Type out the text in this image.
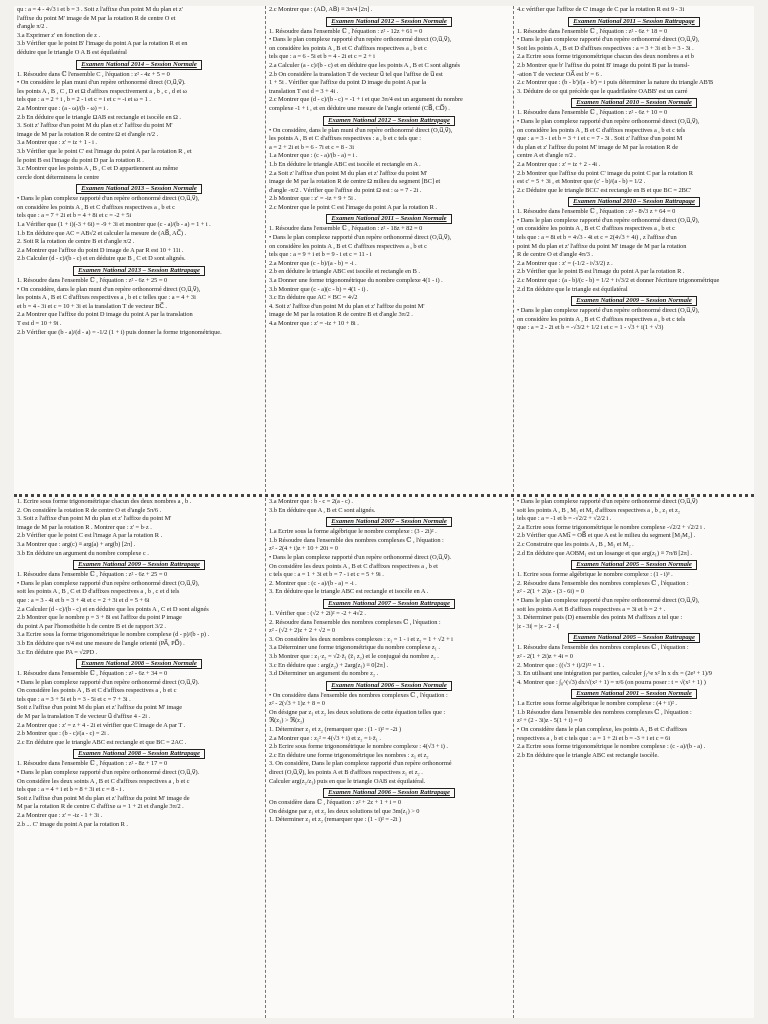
qu : a = 4 - 4√3 i et b = 3 . Soit z l'affixe d'un point M du plan et z'
l'affixe du point M' image de M par la rotation R de centre O et
d'angle π/2 .
3.a Exprimer z' en fonction de z .
3.b Vérifier que le point B' l'image du point A par la rotation R et en
déduire que le triangle O A B est équilatéral
Examen National 2014 – Session Normale
1. Résoudre dans ℂ l'ensemble C , l'équation : z² - 4z + 5 = 0
• On considère le plan muni d'un repère orthonormé direct (O,u⃗,v⃗).
les points A , B , C , D et Ω d'affixes respectivement a , b , c , d et ω
tels que : a = 2 + i , b = 2 - i et c = i et c = -i et ω = 1 .
2.a Montrer que : (a - ω)/(b - ω) = i .
2.b En déduire que le triangle ΩAB est rectangle et isocèle en Ω .
3. Soit z' l'affixe d'un point M du plan et z' l'affixe du point M'
image de M par la rotation R de centre Ω et d'angle π/2 .
3.a Montrer que : z' = iz + 1 - i .
3.b Vérifier que le point C' est l'image du point A par la rotation R , et
le point B est l'image du point D par la rotation R .
3.c Montrer que les points A , B , C et D appartiennent au même
cercle dont déterminera le centre
Examen National 2013 – Session Normale
• Dans le plan complexe rapporté d'un repère orthonormé direct (O,u⃗,v⃗),
on considère les points A , B et C d'affixes respectives a , b et c
tels que : a = 7 + 2i et b = 4 + 8i et c = -2 + 5i
1.a Vérifier que (1 + i)(-3 + 6i) = -9 + 3i et montrer que (c - a)/(b - a) = 1 + i .
1.b En déduire que AC = AB√2 et calculer la mesure de (AB⃗, AC⃗) .
2. Soit R la rotation de centre B et d'angle π/2 .
2.a Montrer que l'affixe du point D image de A par R est 10 + 11i .
2.b Calculer (d - c)/(b - c) et en déduire que B , C et D sont alignés.
Examen National 2013 – Session Rattrapage
1. Résoudre dans l'ensemble ℂ , l'équation : z² - 6z + 25 = 0
• On considère, dans le plan muni d'un repère orthonormé direct (O,u⃗,v⃗),
les points A , B et C d'affixes respectives a , b et c telles que : a = 4 + 3i
et b = 4 - 3i et c = 10 + 3i et la translation T de vecteur BC⃗ .
2.a Montrer que l'affixe du point D image du point A par la translation
T est d = 10 + 9i .
2.b Vérifier que (b - a)/(d - a) = -1/2 (1 + i) puis donner la forme trigonométrique.
2.c Montrer que : (AD⃗, AB⃗) ≡ 3π/4 [2π] .
Examen National 2012 – Session Normale
1. Résoudre dans l'ensemble ℂ , l'équation : z² - 12z + 61 = 0
• Dans le plan complexe rapporté d'un repère orthonormé direct (O,u⃗,v⃗),
on considère les points A , B et C d'affixes respectives a , b et c
tels que : a = 6 - 5i et b = 4 - 2i et c = 2 + i
2.a Calculer (a - c)/(b - c) et en déduire que les points A , B et C sont alignés
2.b On considère la translation T de vecteur u⃗ tel que l'affixe de u⃗ est
1 + 5i . Vérifier que l'affixe du point D image du point A par la
translation T est d = 3 + 4i .
2.c Montrer que (d - c)/(b - c) = -1 + i et que 3π/4 est un argument du nombre
complexe -1 + i , et en déduire une mesure de l'angle orienté (CB⃗, CD⃗) .
Examen National 2012 – Session Rattrapage
• On considère, dans le plan muni d'un repère orthonormé direct (O,u⃗,v⃗),
les points A , B et C d'affixes respectives : a , b et c tels que :
a = 2 + 2i et b = 6 - 7i et c = 8 - 3i
1.a Montrer que : (c - a)/(b - a) = i .
1.b En déduire le triangle ABC est isocèle et rectangle en A .
2.a Soit z' l'affixe d'un point M du plan et z' l'affixe du point M'
image de M par la rotation R de centre Ω milieu du segment [BC] et
d'angle -π/2 . Vérifier que l'affixe du point Ω est : ω = 7 - 2i .
2.b Montrer que : z' = -iz + 9 + 5i .
2.c Montrer que le point C est l'image du point A par la rotation R .
Examen National 2011 – Session Normale
1. Résoudre dans l'ensemble ℂ , l'équation : z² - 18z + 82 = 0
• Dans le plan complexe rapporté d'un repère orthonormé direct (O,u⃗,v⃗),
on considère les points A , B et C d'affixes respectives a , b et c
tels que : a = 9 + i et b = 9 - i et c = 11 - i
2.a Montrer que (c - b)/(a - b) = -i .
2.b en déduire le triangle ABC est isocèle et rectangle en B .
3.a Donner une forme trigonométrique du nombre complexe 4(1 - i) .
3.b Montrer que (c - a)(c - b) = 4(1 - i) .
3.c En déduire que AC × BC = 4√2
4. Soit z' l'affixe d'un point M du plan et z' l'affixe du point M'
image de M par la rotation R de centre B et d'angle 3π/2 .
4.a Montrer que : z' = -iz + 10 + 8i .
4.c vérifier que l'affixe de C' image de C par la rotation R est 9 - 3i
Examen National 2011 – Session Rattrapage
1. Résoudre dans l'ensemble ℂ , l'équation : z² - 6z + 18 = 0
• Dans le plan complexe rapporté d'un repère orthonormé direct (O,u⃗,v⃗),
Soit les points A , B et D d'affixes respectives : a = 3 + 3i et b = 3 - 3i .
2.a Ecrire sous forme trigonométrique chacun des deux nombres a et b
2.b Montrer que b' l'affixe du point B' image du point B par la transl-
-ation T de vecteur OA⃗ est b' = 6 .
2.c Montrer que : (b - b')/(a - b') = i puis déterminer la nature du triangle AB'B
3. Déduire de ce qui précède que le quadrilatère OABB' est un carré
Examen National 2010 – Session Normale
1. Résoudre dans l'ensemble ℂ , l'équation : z² - 6z + 10 = 0
• Dans le plan complexe rapporté d'un repère orthonormé direct (O,u⃗,v⃗),
on considère les points A , B et C d'affixes respectives a , b et c tels
que : a = 3 - i et b = 3 + i et c = 7 - 3i . Soit z' l'affixe d'un point M
du plan et z' l'affixe du point M' image de M par la rotation R de
centre A et d'angle π/2 .
2.a Montrer que : z' = iz + 2 - 4i .
2.b Montrer que l'affixe du point C' image du point C par la rotation R
est c' = 5 + 3i , et Montrer que (c' - b)/(a - b) = 1/2 .
2.c Déduire que le triangle BCC' est rectangle en B et que BC = 2BC'
Examen National 2010 – Session Rattrapage
1. Résoudre dans l'ensemble ℂ , l'équation : z² - 8√3 z + 64 = 0
• Dans le plan complexe rapporté d'un repère orthonormé direct (O,u⃗,v⃗),
on considère les points A , B et C d'affixes respectives a , b et c
tels que : a = 8i et b = 4√3 - 4i et c = 2(4√3 + 4i) , z l'affixe d'un
point M du plan et z' l'affixe du point M' image de M par la rotation
R de centre O et d'angle 4π/3 .
2.a Montrer que : z' = (-1/2 - i√3/2) z .
2.b Vérifier que le point B est l'image du point A par la rotation R .
2.c Montrer que : (a - b)/(c - b) = 1/2 + i√3/2 et donner l'écriture trigonométrique
2.d En déduire que le triangle est équilatéral
Examen National 2009 – Session Normale
• Dans le plan complexe rapporté d'un repère orthonormé direct (O,u⃗,v⃗),
on considère les points A , B et C d'affixes respectives a , b et c tels
que : a = 2 - 2i et b = -√3/2 + 1/2 i et c = 1 - √3 + i(1 + √3)
1. Ecrire sous forme trigonométrique chacun des deux nombres a , b .
2. On considère la rotation R de centre O et d'angle 5π/6 .
3. Soit z l'affixe d'un point M du plan et z' l'affixe du point M'
image de M par la rotation R . Montrer que : z' = b·z .
2.b Vérifier que le point C est l'image A par la rotation R .
3.a Montrer que : arg(c) ≡ arg(a) + arg(b) [2π] .
3.b En déduire un argument du nombre complexe c .
Examen National 2009 – Session Rattrapage
1. Résoudre dans l'ensemble ℂ , l'équation : z² - 6z + 25 = 0
• Dans le plan complexe rapporté d'un repère orthonormé direct (O,u⃗,v⃗),
soit les points A , B , C et D d'affixes respectives a , b , c et d tels
que : a = 3 - 4i et b = 3 + 4i et c = 2 + 3i et d = 5 + 6i
2.a Calculer (d - c)/(b - c) et en déduire que les points A , C et D sont alignés
2.b Montrer que le nombre p = 3 + 8i est l'affixe du point P image
du point A par l'homothétie h de centre B et de rapport 3/2 .
3.a Ecrire sous la forme trigonométrique le nombre complexe (d - p)/(b - p) .
3.b En déduire que π/4 est une mesure de l'angle orienté (PA⃗, PD⃗) .
3.c En déduire que PA = √2PD .
Examen National 2008 – Session Normale
1. Résoudre dans l'ensemble ℂ , l'équation : z² - 6z + 34 = 0
• Dans le plan complexe rapporté d'un repère orthonormé direct (O,u⃗,v⃗).
On considère les points A , B et C d'affixes respectives a , b et c
tels que : a = 3 + 5i et b = 3 - 5i et c = 7 + 3i .
Soit z l'affixe d'un point M du plan et z' l'affixe du point M' image
de M par la translation T de vecteur u⃗ d'affixe 4 - 2i .
2.a Montrer que : z' = z + 4 - 2i et vérifier que C image de A par T .
2.b Montrer que : (b - c)/(a - c) = 2i .
2.c En déduire que le triangle ABC est rectangle et que BC = 2AC .
Examen National 2008 – Session Rattrapage
1. Résoudre dans l'ensemble ℂ , l'équation : z² - 8z + 17 = 0
• Dans le plan complexe rapporté d'un repère orthonormé direct (O,u⃗,v⃗).
On considère les deux soints A , B et C d'affixes respectives a , b et c
tels que : a = 4 + i et b = 8 + 3i et c = 8 - i .
Soit z l'affixe d'un point M du plan et z' l'affixe du point M' image de
M par la rotation R de centre C d'affixe ω = 1 + 2i et d'angle 3π/2 .
2.a Montrer que : z' = -iz - 1 + 3i .
2.b ... C' image du point A par la rotation R .
3.a Montrer que : b - c = 2(a - c) .
3.b En déduire que A , B et C sont alignés.
Examen National 2007 – Session Normale
1.a Ecrire sous la forme algébrique le nombre complexe : (3 - 2i)² .
1.b Résoudre dans l'ensemble des nombres complexes ℂ , l'équation :
z² - 2(4 + i)z + 10 + 20i = 0
• Dans le plan complexe rapporté d'un repère orthonormé direct (O,u⃗,v⃗).
On considère les deux points A , B et C d'affixes respectives a , b et
c tels que : a = 1 + 3i et b = 7 - i et c = 5 + 9i .
2. Montrer que : (c - a)/(b - a) = -i .
3. En déduire que le triangle ABC est rectangle et isocèle en A .
Examen National 2007 – Session Rattrapage
1. Vérifier que : (√2 + 2i)² = -2 + 4√2 .
2. Résoudre dans l'ensemble des nombres complexes ℂ , l'équation :
z² - (√2 + 2)z + 2 + √2 = 0
3. On considère les deux nombres complexes : z₁ = 1 - i et z₂ = 1 + √2 + i
3.a Déterminer une forme trigonométrique du nombre complexe z₁ .
3.b Montrer que : z₁·z₂ = √2·z̄₁ (z̄₁ z₂) et le conjugué du nombre z₂ .
3.c En déduire que : arg(z₂) + 2arg(z₁) ≡ 0[2π] .
3.d Déterminer un argument du nombre z₂ .
Examen National 2006 – Session Normale
• On considère dans l'ensemble des nombres complexes ℂ , l'équation :
z² - 2(√3 + 1)z + 8 = 0
On désigne par z₁ et z₂ les deux solutions de cette équation telles que :
ℜ(z₁) > ℜ(z₂)
1. Déterminer z₁ et z₂ (remarquer que : (1 - i)² = -2i )
2.a Montrer que : z₁² = 4(√3 + i) et z₂ = i·z̄₁ .
2.b Ecrire sous forme trigonométrique le nombre complexe : 4(√3 + i) .
2.c En déduire une forme trigonométrique les nombres : z₁ et z₂
3. On considère, Dans le plan complexe rapporté d'un repère orthonormé
direct (O,u⃗,v⃗), les points A et B d'affixes respectives z₁ et z₂ .
Calculer arg(z₂/z₁) puis en que le triangle OAB est équilatéral.
Examen National 2006 – Session Rattrapage
On considère dans ℂ , l'équation : z² + 2z + 1 + i = 0
On désigne par z₁ et z₂ les deux solutions tel que 3m(z₁) > 0
1. Déterminer z₁ et z₂ (remarquer que : (1 - i)² = -2i )
• Dans le plan complexe rapporté d'un repère orthonormé direct (O,u⃗,v⃗)
soit les points A , B , M₁ et M₂ d'affixes respectives a , b , z₁ et z₂
tels que : a = -1 et b = -√2/2 + √2/2 i .
2.a Ecrire sous forme trigonométrique le nombre complexe -√2/2 + √2/2 i .
2.b Vérifier que AM₁⃗ = OB⃗ et que A est le milieu du segment [M₁M₂] .
2.c Construire que les points A , B , M₁ et M₂ .
2.d En déduire que AOBM₁ est un losange et que arg(z₁) ≡ 7π/8 [2π] .
Examen National 2005 – Session Normale
1. Ecrire sous forme algébrique le nombre complexe : (1 - i)³ .
2. Résoudre dans l'ensemble des nombres complexes ℂ , l'équation :
z² - 2(1 + 2i)z - (3 - 6i) = 0
• Dans le plan complexe rapporté d'un repère orthonormé direct (O,u⃗,v⃗),
soit les points A et B d'affixes respectives a = 3i et b = 2 + .
3. Déterminer puis (D) ensemble des points M d'affixes z tel que :
|z - 3i| = |z - 2 - i|
Examen National 2005 – Session Rattrapage
1. Résoudre dans l'ensemble des nombres complexes ℂ , l'équation :
z² - 2(1 + 2i)z + 4i = 0
2. Montrer que : ((√3 + i)/2)¹² = 1 .
3. En utilisant une intégration par parties, calculer ∫₁^e x² ln x dx = (2e³ + 1)/9
4. Montrer que : ∫₀^(√3) dx/√(x² + 1) = π/6 (on pourra poser : t = √(x² + 1) )
Examen National 2001 – Session Normale
1.a Ecrire sous forme algébrique le nombre complexe : (4 + i)² .
1.b Résoudre dans l'ensemble des nombres complexes ℂ , l'équation :
z² + (2 - 3i)z - 5(1 + i) = 0
• On considère dans le plan complexe, les points A , B et C d'affixes
respectives a , b et c tels que : a = 1 + 2i et b = -3 + i et c = 6i
2.a Ecrire sous forme trigonométrique le nombre complexe : (c - a)/(b - a) .
2.b En déduire que le triangle ABC est rectangle isocèle.
